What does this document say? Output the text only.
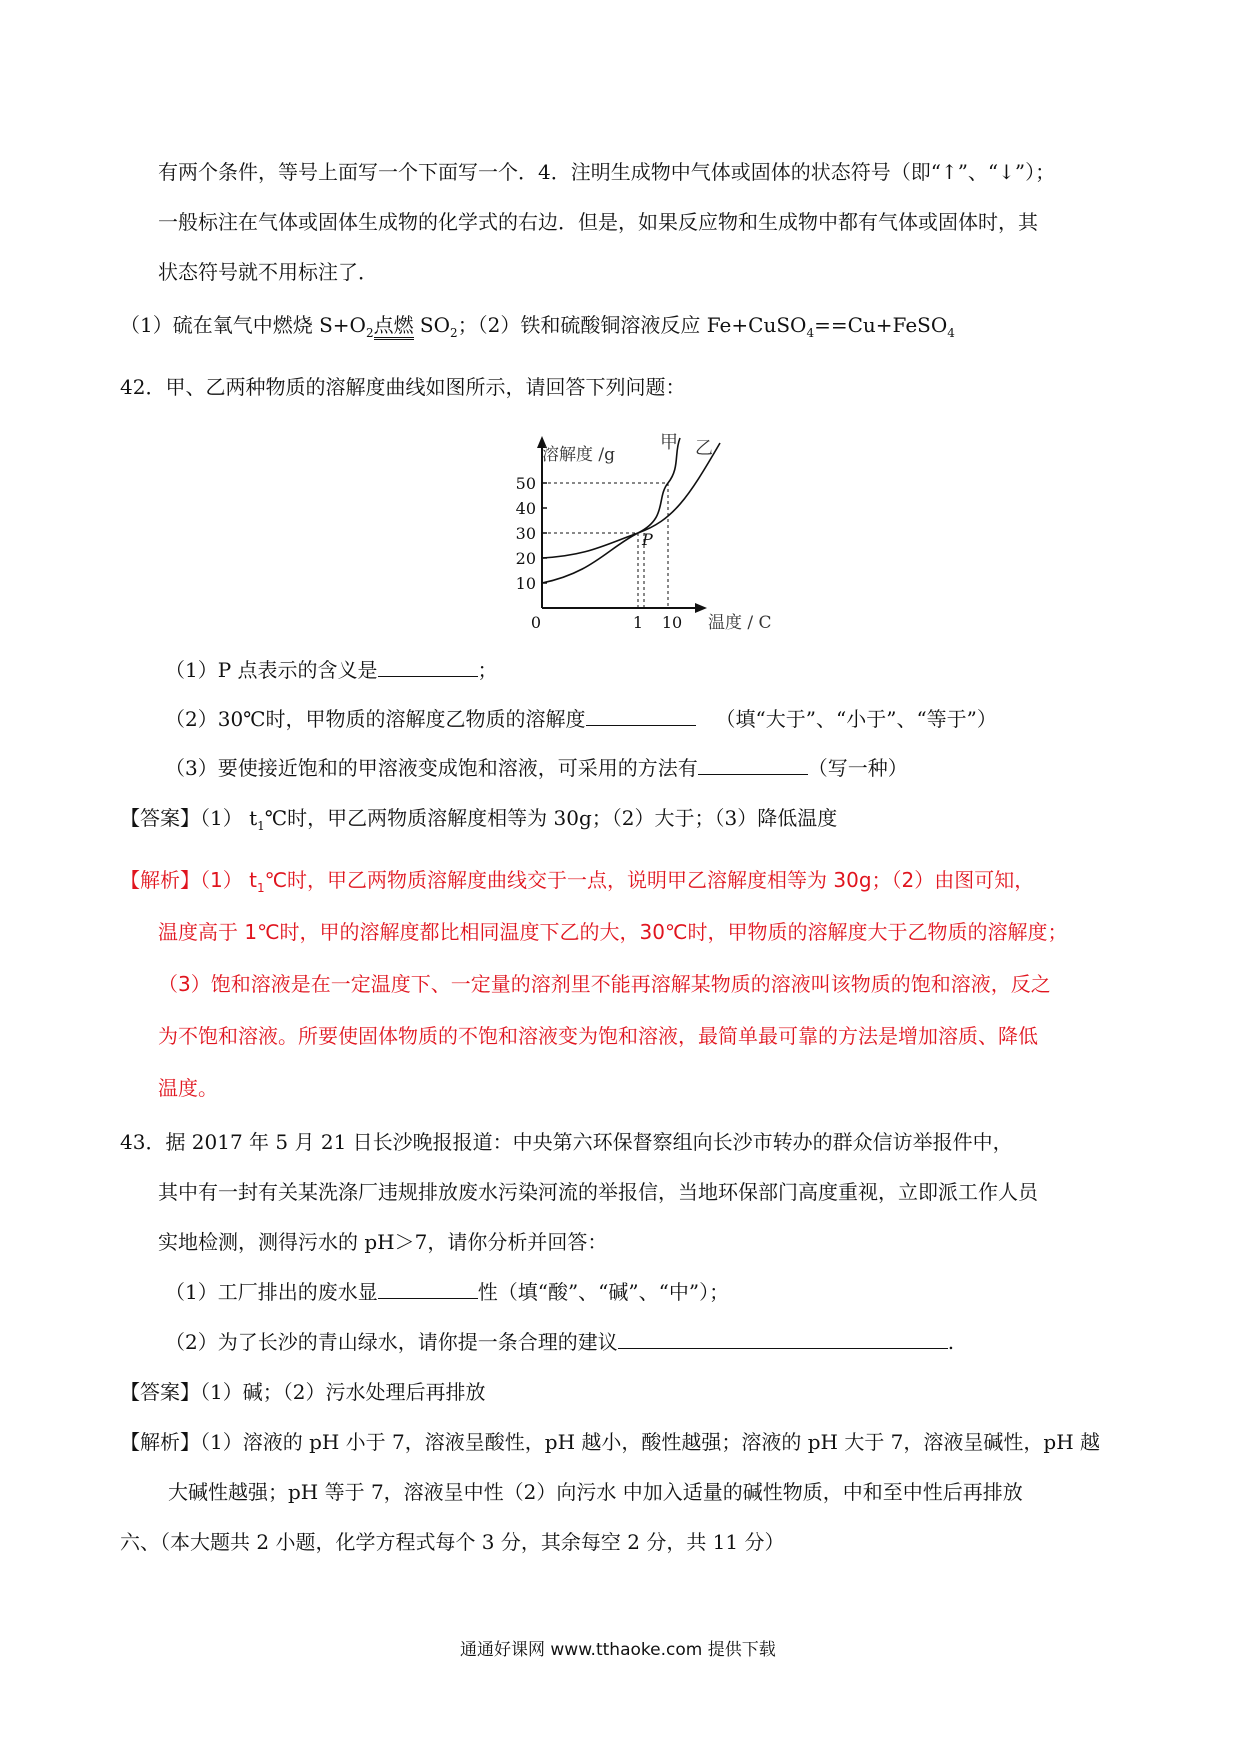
有两个条件，等号上面写一个下面写一个．4．注明生成物中气体或固体的状态符号（即“↑”、“↓”）；
一般标注在气体或固体生成物的化学式的右边．但是，如果反应物和生成物中都有气体或固体时，其
状态符号就不用标注了．
（1）硫在氧气中燃烧 $S+O_2$点燃 $SO_2$；（2）铁和硫酸铜溶液反应 Fe+CuSO$_4$==Cu+FeSO$_4$
42．甲、乙两种物质的溶解度曲线如图所示，请回答下列问题：
50
40
30
20
10
0	1 10
溶解度 /g
温度 / C
P
甲 乙
（1）P 点表示的含义是	；
（2）30℃时，甲物质的溶解度乙物质的溶解度	（填“大于”、“小于”、“等于”）
（3）要使接近饱和的甲溶液变成饱和溶液，可采用的方法有	（写一种）
【答案】（1） $t_1℃$时，甲乙两物质溶解度相等为 30g；（2）大于；（3）降低温度
【解析】（1） $t_1℃$时，甲乙两物质溶解度曲线交于一点，说明甲乙溶解度相等为 30g；（2）由图可知，
温度高于 1℃时，甲的溶解度都比相同温度下乙的大，30℃时，甲物质的溶解度大于乙物质的溶解度；
（3）饱和溶液是在一定温度下、一定量的溶剂里不能再溶解某物质的溶液叫该物质的饱和溶液，反之
为不饱和溶液。所要使固体物质的不饱和溶液变为饱和溶液，最简单最可靠的方法是增加溶质、降低
温度。
43．据 2017 年 5 月 21 日长沙晚报报道：中央第六环保督察组向长沙市转办的群众信访举报件中，
其中有一封有关某洗涤厂违规排放废水污染河流的举报信，当地环保部门高度重视，立即派工作人员
实地检测，测得污水的 pH＞7，请你分析并回答：
（1）工厂排出的废水显	性（填“酸”、“碱”、“中”）；
（2）为了长沙的青山绿水，请你提一条合理的建议	.
【答案】（1）碱；（2）污水处理后再排放
【解析】（1）溶液的 pH 小于 7，溶液呈酸性，pH 越小，酸性越强；溶液的 pH 大于 7，溶液呈碱性，pH 越
大碱性越强；pH 等于 7，溶液呈中性（2）向污水 中加入适量的碱性物质，中和至中性后再排放
六、（本大题共 2 小题，化学方程式每个 3 分，其余每空 2 分，共 11 分）
通通好课网 www.tthaoke.com 提供下载
